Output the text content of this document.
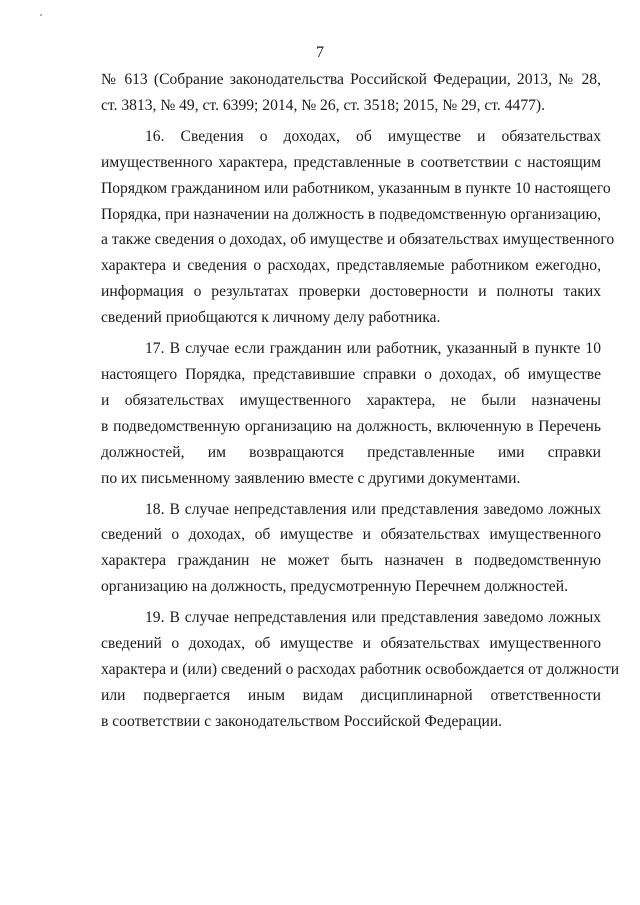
7
№ 613 (Собрание законодательства Российской Федерации, 2013, № 28,
ст. 3813, № 49, ст. 6399; 2014, № 26, ст. 3518; 2015, № 29, ст. 4477).
16. Сведения о доходах, об имуществе и обязательствах
имущественного характера, представленные в соответствии с настоящим
Порядком гражданином или работником, указанным в пункте 10 настоящего
Порядка, при назначении на должность в подведомственную организацию,
а также сведения о доходах, об имуществе и обязательствах имущественного
характера и сведения о расходах, представляемые работником ежегодно,
информация о результатах проверки достоверности и полноты таких
сведений приобщаются к личному делу работника.
17. В случае если гражданин или работник, указанный в пункте 10
настоящего Порядка, представившие справки о доходах, об имуществе
и обязательствах имущественного характера, не были назначены
в подведомственную организацию на должность, включенную в Перечень
должностей, им возвращаются представленные ими справки
по их письменному заявлению вместе с другими документами.
18. В случае непредставления или представления заведомо ложных
сведений о доходах, об имуществе и обязательствах имущественного
характера гражданин не может быть назначен в подведомственную
организацию на должность, предусмотренную Перечнем должностей.
19. В случае непредставления или представления заведомо ложных
сведений о доходах, об имуществе и обязательствах имущественного
характера и (или) сведений о расходах работник освобождается от должности
или подвергается иным видам дисциплинарной ответственности
в соответствии с законодательством Российской Федерации.
